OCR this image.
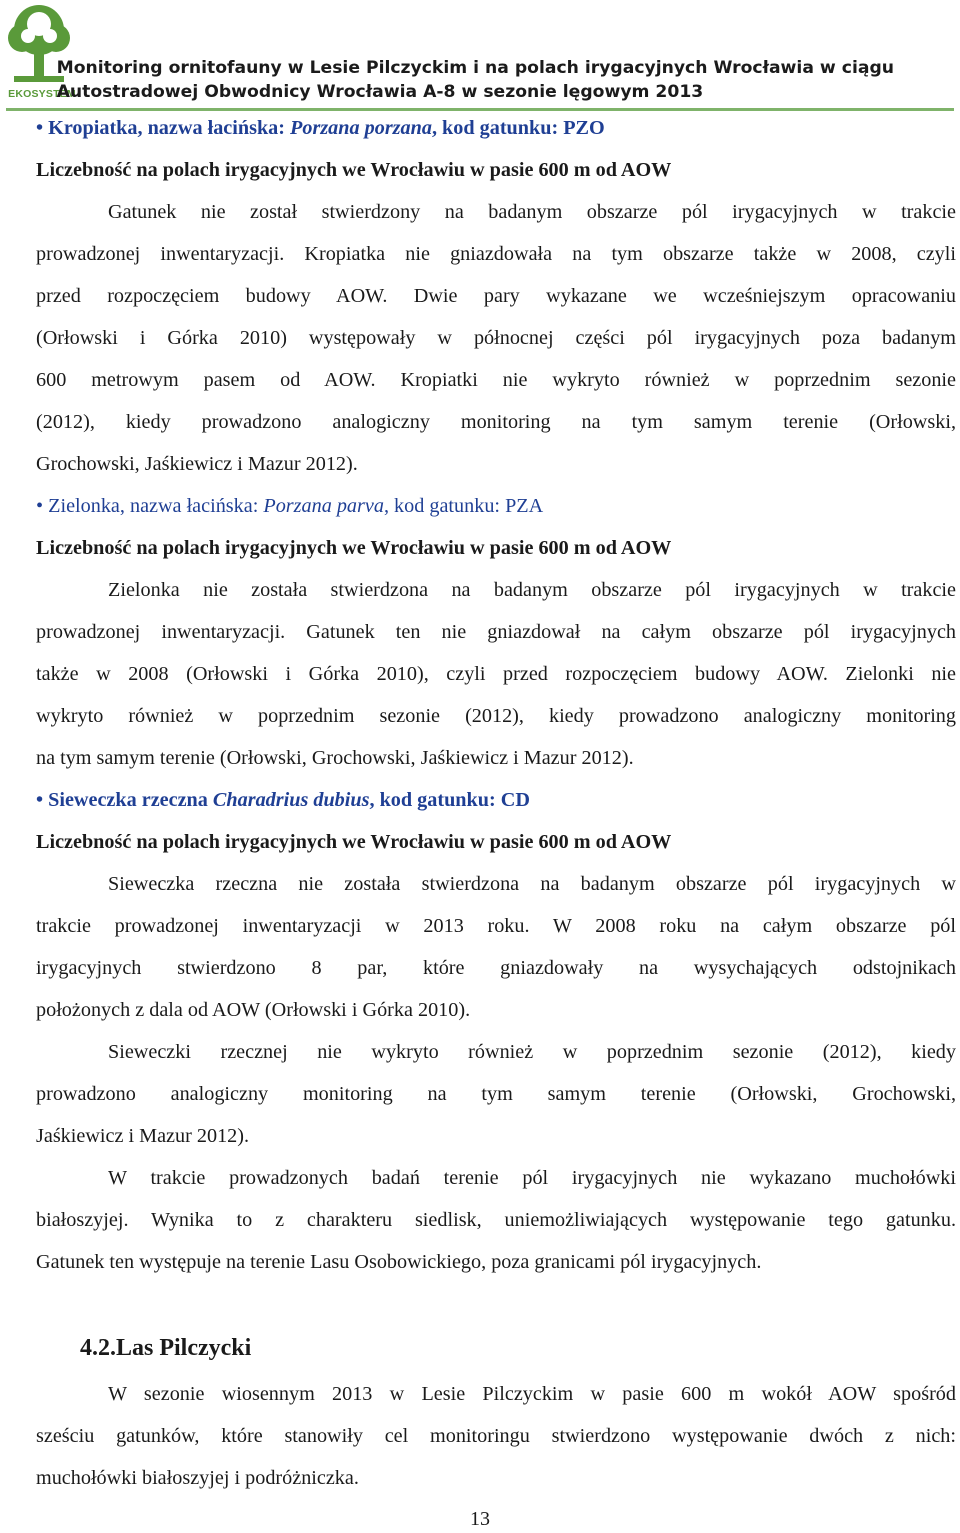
EKOSYSTEM
Monitoring ornitofauny w Lesie Pilczyckim i na polach irygacyjnych Wrocławia w ciągu
Autostradowej Obwodnicy Wrocławia A-8 w sezonie lęgowym 2013
• Kropiatka, nazwa łacińska: Porzana porzana, kod gatunku: PZO
Liczebność na polach irygacyjnych we Wrocławiu w pasie 600 m od AOW
Gatunek nie został stwierdzony na badanym obszarze pól irygacyjnych w trakcie
prowadzonej inwentaryzacji. Kropiatka nie gniazdowała na tym obszarze także w 2008, czyli
przed rozpoczęciem budowy AOW. Dwie pary wykazane we wcześniejszym opracowaniu
(Orłowski i Górka 2010) występowały w północnej części pól irygacyjnych poza badanym
600 metrowym pasem od AOW. Kropiatki nie wykryto również w poprzednim sezonie
(2012), kiedy prowadzono analogiczny monitoring na tym samym terenie (Orłowski,
Grochowski, Jaśkiewicz i Mazur 2012).
• Zielonka, nazwa łacińska: Porzana parva, kod gatunku: PZA
Liczebność na polach irygacyjnych we Wrocławiu w pasie 600 m od AOW
Zielonka nie została stwierdzona na badanym obszarze pól irygacyjnych w trakcie
prowadzonej inwentaryzacji. Gatunek ten nie gniazdował na całym obszarze pól irygacyjnych
także w 2008 (Orłowski i Górka 2010), czyli przed rozpoczęciem budowy AOW. Zielonki nie
wykryto również w poprzednim sezonie (2012), kiedy prowadzono analogiczny monitoring
na tym samym terenie (Orłowski, Grochowski, Jaśkiewicz i Mazur 2012).
• Sieweczka rzeczna Charadrius dubius, kod gatunku: CD
Liczebność na polach irygacyjnych we Wrocławiu w pasie 600 m od AOW
Sieweczka rzeczna nie została stwierdzona na badanym obszarze pól irygacyjnych w
trakcie prowadzonej inwentaryzacji w 2013 roku. W 2008 roku na całym obszarze pól
irygacyjnych stwierdzono 8 par, które gniazdowały na wysychających odstojnikach
położonych z dala od AOW (Orłowski i Górka 2010).
Sieweczki rzecznej nie wykryto również w poprzednim sezonie (2012), kiedy
prowadzono analogiczny monitoring na tym samym terenie (Orłowski, Grochowski,
Jaśkiewicz i Mazur 2012).
W trakcie prowadzonych badań terenie pól irygacyjnych nie wykazano muchołówki
białoszyjej. Wynika to z charakteru siedlisk, uniemożliwiających występowanie tego gatunku.
Gatunek ten występuje na terenie Lasu Osobowickiego, poza granicami pól irygacyjnych.
4.2.Las Pilczycki
W sezonie wiosennym 2013 w Lesie Pilczyckim w pasie 600 m wokół AOW spośród
sześciu gatunków, które stanowiły cel monitoringu stwierdzono występowanie dwóch z nich:
muchołówki białoszyjej i podróżniczka.
13
